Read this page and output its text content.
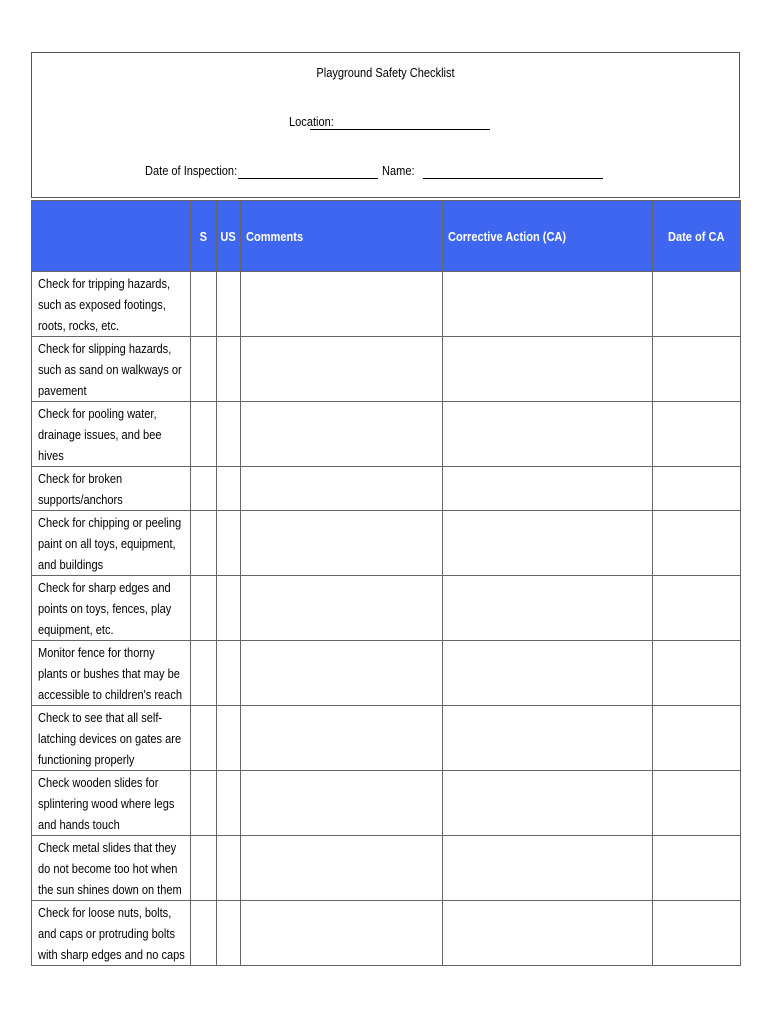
Playground Safety Checklist
Location:
Date of Inspection:	Name:
	S	US	Comments	Corrective Action (CA)	Date of CA

Check for tripping hazards, such as exposed footings, roots, rocks, etc.					

Check for slipping hazards, such as sand on walkways or pavement					

Check for pooling water, drainage issues, and bee hives					

Check for broken supports/anchors					

Check for chipping or peeling paint on all toys, equipment, and buildings					

Check for sharp edges and points on toys, fences, play equipment, etc.					

Monitor fence for thorny plants or bushes that may be accessible to children's reach					

Check to see that all self-latching devices on gates are functioning properly					

Check wooden slides for splintering wood where legs and hands touch					

Check metal slides that they do not become too hot when the sun shines down on them					

Check for loose nuts, bolts, and caps or protruding bolts with sharp edges and no caps					
